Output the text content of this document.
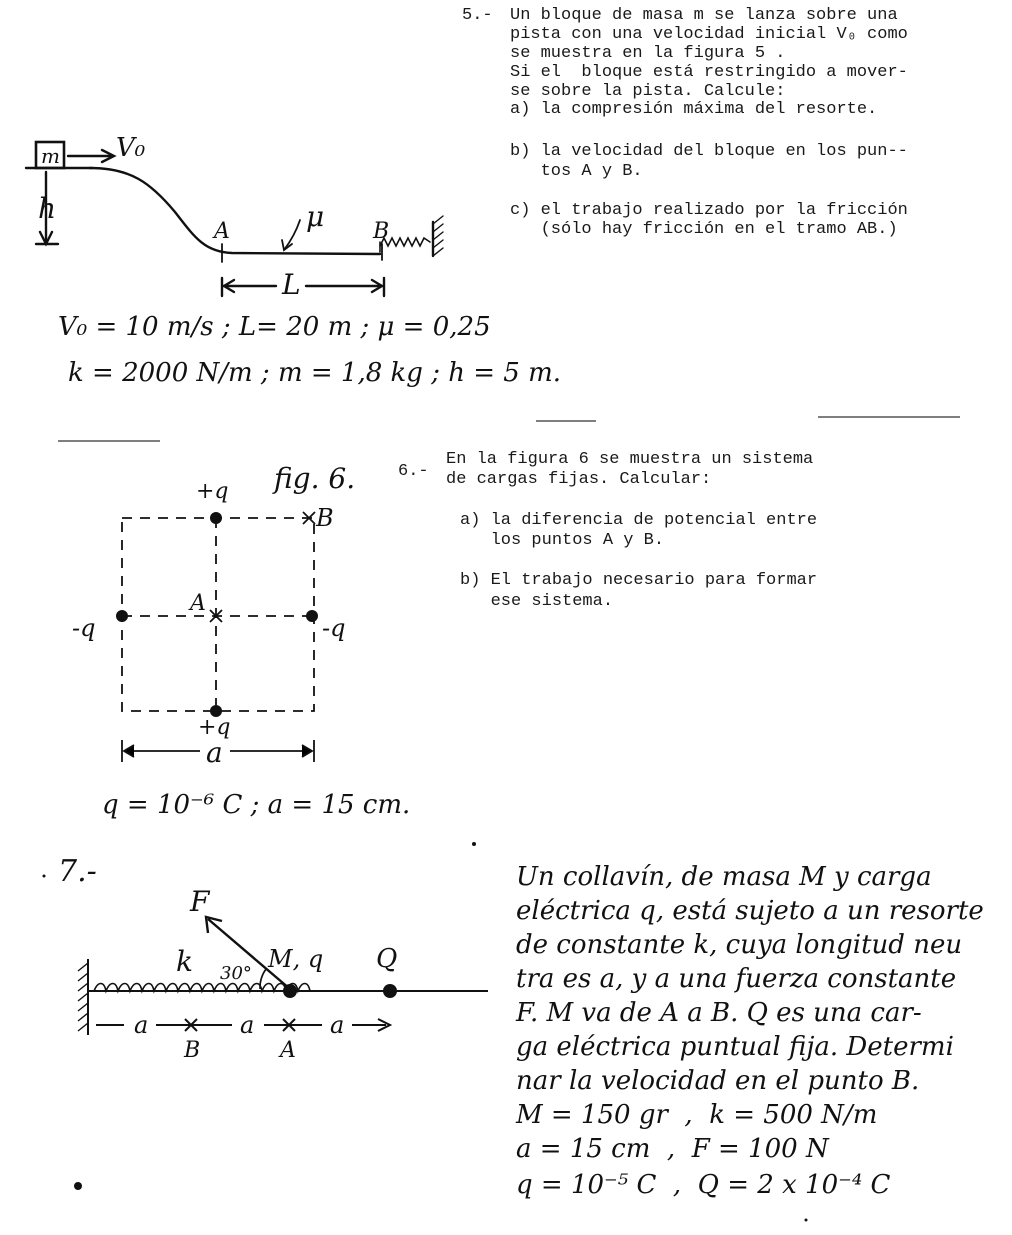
5.- Un bloque de masa m se lanza sobre una
pista con una velocidad inicial V₀ como
se muestra en la figura 5 .
Si el  bloque está restringido a mover-
se sobre la pista. Calcule:
a) la compresión máxima del resorte.
b) la velocidad del bloque en los pun--
tos A y B.
c) el trabajo realizado por la fricción
(sólo hay fricción en el tramo AB.)
m V₀
h
A	μ B
L
V₀ = 10 m/s ; L= 20 m ; μ = 0,25
k = 2000 N/m ; m = 1,8 kg ; h = 5 m.
6.-
En la figura 6 se muestra un sistema
de cargas fijas. Calcular:
a) la diferencia de potencial entre
los puntos A y B.
b) El trabajo necesario para formar
ese sistema.
fig. 6.
+q
B
A
-q	-q
+q
a
q = 10⁻⁶ C ; a = 15 cm.
7.-
F
k 30°
M, q Q
a	a	a
B	A
Un collavín, de masa M y carga
eléctrica q, está sujeto a un resorte
de constante k, cuya longitud neu
tra es a, y a una fuerza constante
F. M va de A a B. Q es una car-
ga eléctrica puntual fija. Determi
nar la velocidad en el punto B.
M = 150 gr  ,  k = 500 N/m
a = 15 cm  ,  F = 100 N
q = 10⁻⁵ C  ,  Q = 2 x 10⁻⁴ C
